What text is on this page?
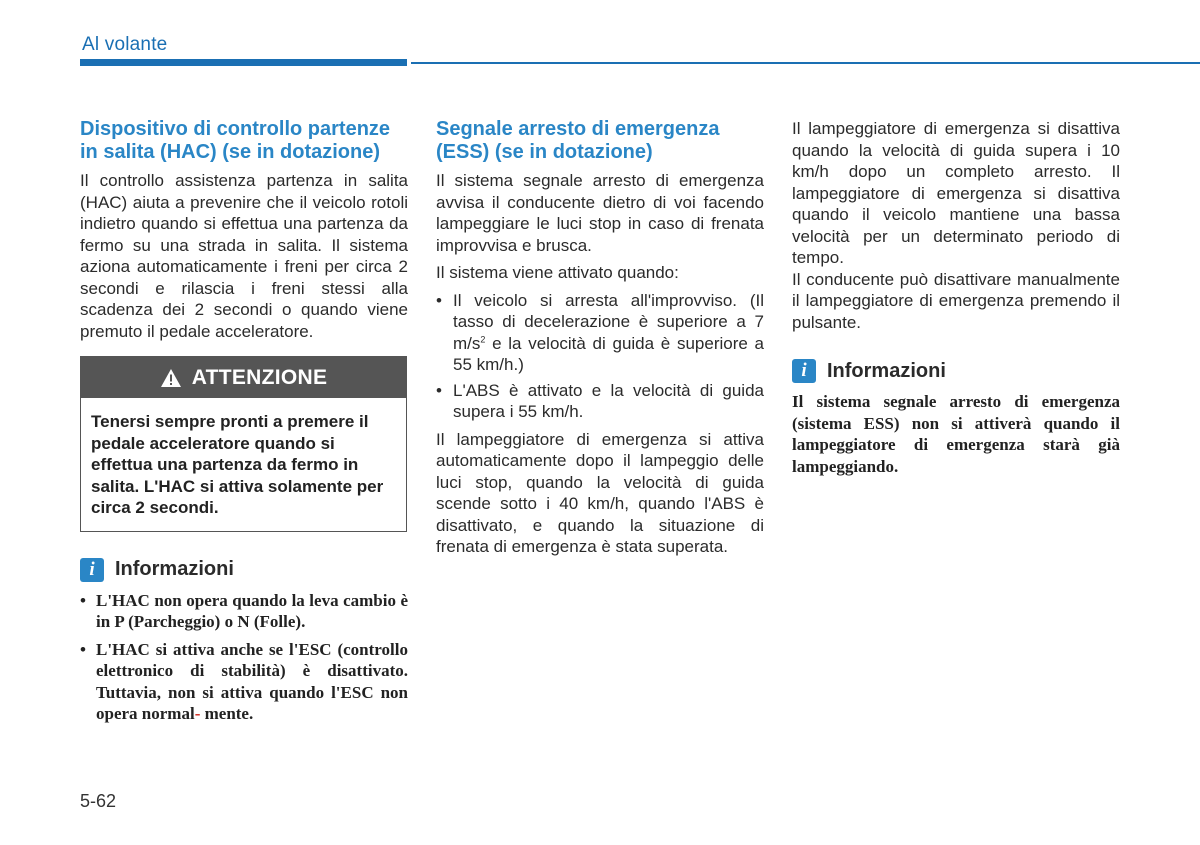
Al volante
Dispositivo di controllo partenze in salita (HAC) (se in dotazione)

Il controllo assistenza partenza in salita (HAC) aiuta a prevenire che il veicolo rotoli indietro quando si effettua una partenza da fermo su una strada in salita. Il sistema aziona automaticamente i freni per circa 2 secondi e rilascia i freni stessi alla scadenza dei 2 secondi o quando viene premuto il pedale acceleratore.

ATTENZIONE
Tenersi sempre pronti a premere il pedale acceleratore quando si effettua una partenza da fermo in salita. L'HAC si attiva solamente per circa 2 secondi.
i	Informazioni
• L'HAC non opera quando la leva cambio è in P (Parcheggio) o N (Folle).
• L'HAC si attiva anche se l'ESC (controllo elettronico di stabilità) è disattivato. Tuttavia, non si attiva quando l'ESC non opera normal- mente.
Segnale arresto di emergenza (ESS) (se in dotazione)

Il sistema segnale arresto di emergenza avvisa il conducente dietro di voi facendo lampeggiare le luci stop in caso di frenata improvvisa e brusca.

Il sistema viene attivato quando:

• Il veicolo si arresta all'improvviso. (Il tasso di decelerazione è superiore a 7 $m/s^2$ e la velocità di guida è superiore a 55 km/h.)
• L'ABS è attivato e la velocità di guida supera i 55 km/h.

Il lampeggiatore di emergenza si attiva automaticamente dopo il lampeggio delle luci stop, quando la velocità di guida scende sotto i 40 km/h, quando l'ABS è disattivato, e quando la situazione di frenata di emergenza è stata superata.

Il lampeggiatore di emergenza si disattiva quando la velocità di guida supera i 10 km/h dopo un completo arresto. Il lampeggiatore di emergenza si disattiva quando il veicolo mantiene una bassa velocità per un determinato periodo di tempo.

Il conducente può disattivare manualmente il lampeggiatore di emergenza premendo il pulsante.

i	Informazioni
Il sistema segnale arresto di emergenza (sistema ESS) non si attiverà quando il lampeggiatore di emergenza starà già lampeggiando.
5-62
